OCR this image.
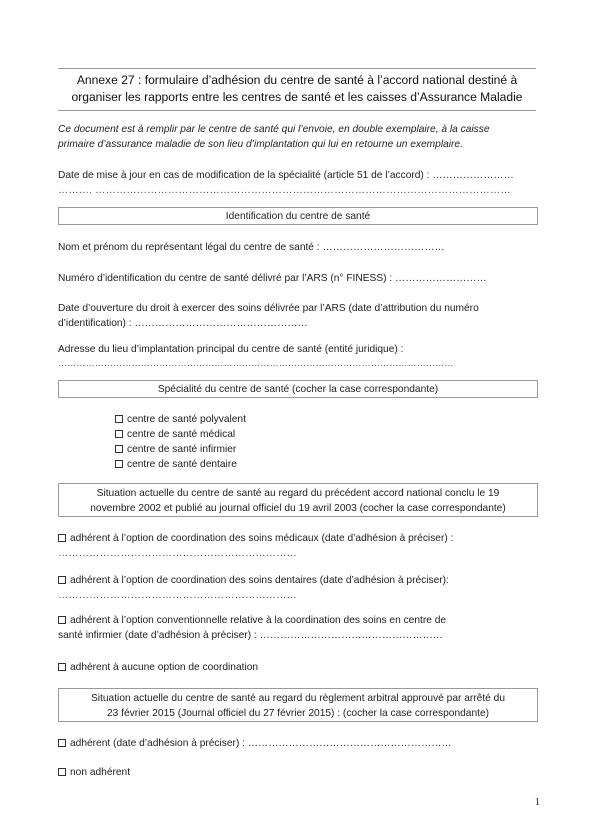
Annexe 27 : formulaire d’adhésion du centre de santé à l’accord national destiné à
organiser les rapports entre les centres de santé et les caisses d’Assurance Maladie
Ce document est à remplir par le centre de santé qui l’envoie, en double exemplaire, à la caisse
primaire d’assurance maladie de son lieu d’implantation qui lui en retourne un exemplaire.
Date de mise à jour en cas de modification de la spécialité (article 51 de l’accord) : ……………………
………. …………………………………………………………………………………………………………
Identification du centre de santé
Nom et prénom du représentant légal du centre de santé : ………………………………
Numéro d’identification du centre de santé délivré par l’ARS (n° FINESS) : ………………………
Date d’ouverture du droit à exercer des soins délivrée par l’ARS (date d’attribution du numéro
d’identification) : ……………………………………………
Adresse du lieu d’implantation principal du centre de santé (entité juridique) :
…………………………………………………………………………………………………………………
Spécialité du centre de santé (cocher la case correspondante)
centre de santé polyvalent
centre de santé médical
centre de santé infirmier
centre de santé dentaire
Situation actuelle du centre de santé au regard du précédent accord national conclu le 19
novembre 2002 et publié au journal officiel du 19 avril 2003 (cocher la case correspondante)
adhérent à l’option de coordination des soins médicaux (date d’adhésion à préciser) :
……………………………………………………………
adhérent à l’option de coordination des soins dentaires (date d’adhésion à préciser):
……………………………………………………………
adhérent à l’option conventionnelle relative à la coordination des soins en centre de
santé infirmier (date d’adhésion à préciser) : ………………………………………………
adhérent à aucune option de coordination
Situation actuelle du centre de santé au regard du règlement arbitral approuvé par arrêté du
23 février 2015 (Journal officiel du 27 février 2015) : (cocher la case correspondante)
adhérent (date d’adhésion à préciser) : ……………………………………………………
non adhérent
1
